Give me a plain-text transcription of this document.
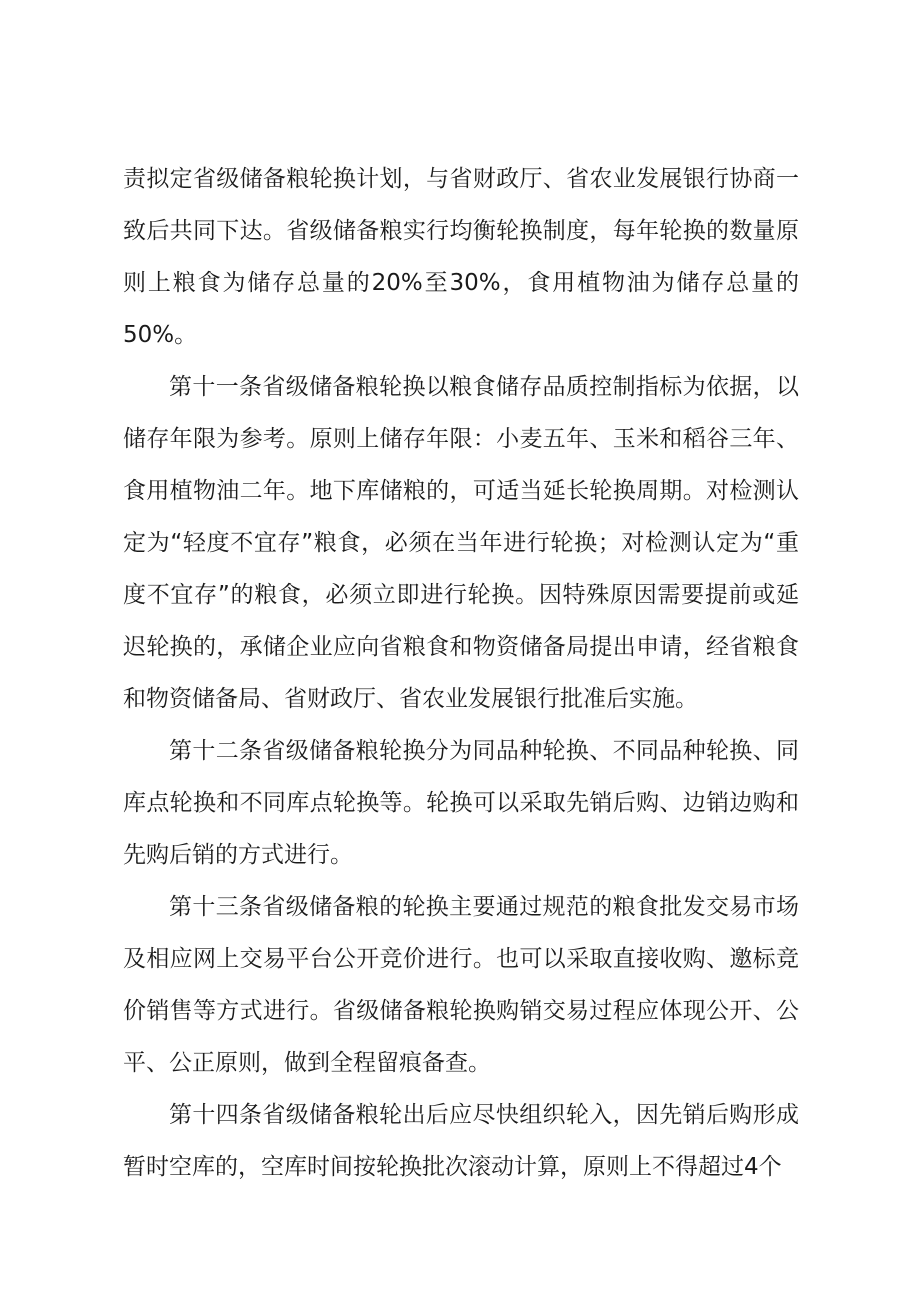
责拟定省级储备粮轮换计划，与省财政厅、省农业发展银行协商一致后共同下达。省级储备粮实行均衡轮换制度，每年轮换的数量原则上粮食为储存总量的20%至30%，食用植物油为储存总量的50%。

第十一条省级储备粮轮换以粮食储存品质控制指标为依据，以储存年限为参考。原则上储存年限：小麦五年、玉米和稻谷三年、食用植物油二年。地下库储粮的，可适当延长轮换周期。对检测认定为“轻度不宜存”粮食，必须在当年进行轮换；对检测认定为“重度不宜存”的粮食，必须立即进行轮换。因特殊原因需要提前或延迟轮换的，承储企业应向省粮食和物资储备局提出申请，经省粮食和物资储备局、省财政厅、省农业发展银行批准后实施。

第十二条省级储备粮轮换分为同品种轮换、不同品种轮换、同库点轮换和不同库点轮换等。轮换可以采取先销后购、边销边购和先购后销的方式进行。

第十三条省级储备粮的轮换主要通过规范的粮食批发交易市场及相应网上交易平台公开竞价进行。也可以采取直接收购、邀标竞价销售等方式进行。省级储备粮轮换购销交易过程应体现公开、公平、公正原则，做到全程留痕备查。

第十四条省级储备粮轮出后应尽快组织轮入，因先销后购形成暂时空库的，空库时间按轮换批次滚动计算，原则上不得超过4个
